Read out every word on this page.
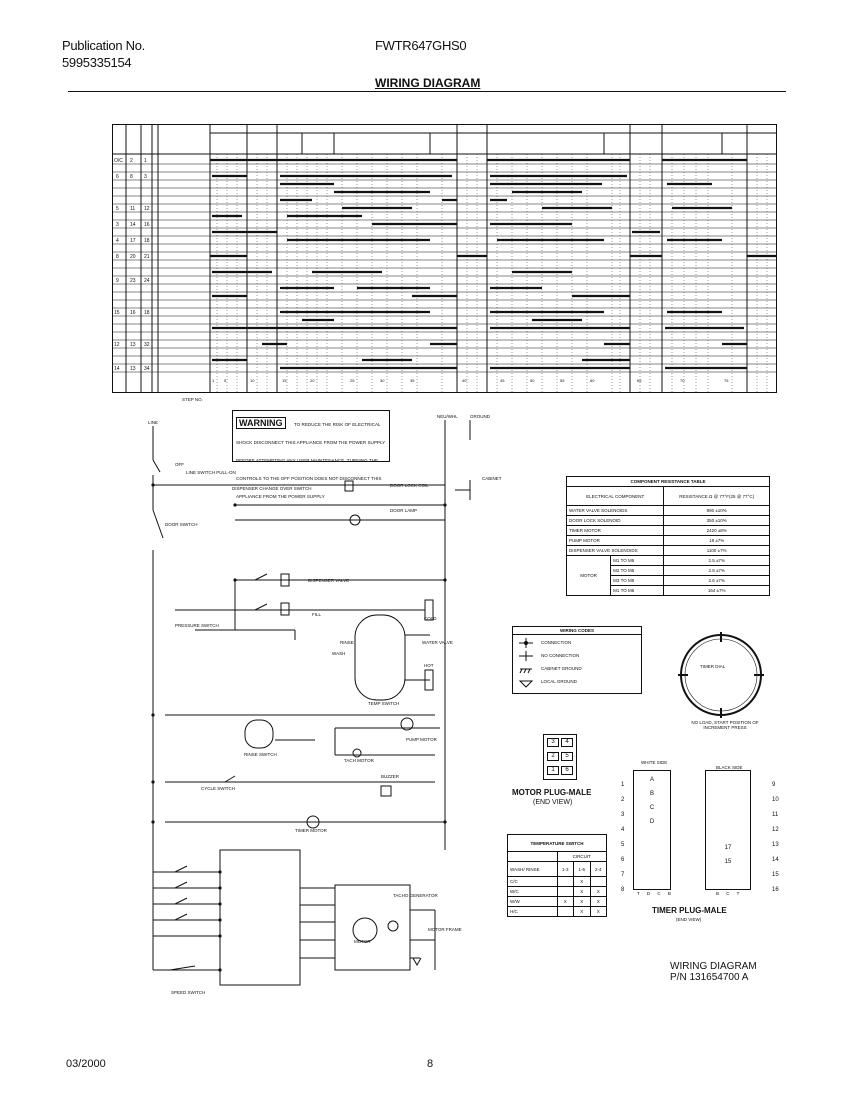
Publication No.
5995335154
FWTR647GHS0
WIRING DIAGRAM
O/C 2 1
6 8 3
5 11 12
3 14 16
4 17 18
8 20 21
9 23 24
15 16 18
12 13 32
14 13 34
1 5	10	15	20	25	30	35	40	45	50	55	60	65	70	75
STEP NO.
WARNING TO REDUCE THE RISK OF ELECTRICAL SHOCK DISCONNECT THIS APPLIANCE FROM THE POWER SUPPLY BEFORE ATTEMPTING ANY USER MAINTENANCE. TURNING THE CONTROLS TO THE OFF POSITION DOES NOT DISCONNECT THIS APPLIANCE FROM THE POWER SUPPLY
LINE SWITCH PULL-ON
DISPENSER CHANGE OVER SWITCH
DOOR LOCK COIL
DOOR LAMP
DOOR SWITCH
DISPENSER VALVE
PRESSURE SWITCH
COLD
HOT
WATER VALVE
TEMP SWITCH
PUMP MOTOR
TACH MOTOR
RINSE SWITCH
BUZZER
TIMER MOTOR
CYCLE SWITCH
SPEED SWITCH
MOTOR
TACHO GENERATOR
MOTOR FRAME
CABINET
GROUND
LINE
NEU/WHL
FILL
WASH
RINSE
OFF
COMPONENT RESISTANCE TABLE		
ELECTRICAL COMPONENT		RESISTANCE Ω @ 77°F(25 @ 77°C)
WATER VALVE SOLENOIDS		890 ±10%
DOOR LOCK SOLENOID		350 ±10%
TIMER MOTOR		2420 ±8%
PUMP MOTOR		18 ±7%
DISPENSER VALVE SOLENOIDS		1100 ±7%
MOTOR	M1 TO M5	2.5 ±7%
	M2 TO M5	2.8 ±7%
	M3 TO M5	2.6 ±7%
	M1 TO M6	164 ±7%
WIRING CODES
CONNECTION
NO CONNECTION
CABINET GROUND
LOCAL GROUND
TIMER DIAL
NO LOAD, START POSITION OF INCREMENT PRESS
3	4
2	5
1	6
MOTOR PLUG-MALE
(END VIEW)
TEMPERATURE SWITCH			
	CIRCUIT		
WASH/ RINSE	1-3	1-5	2-4
C/C		X	
W/C		X	X
W/W	X	X	X
H/C		X	X
WHITE SIDE
BLACK SIDE
A
B
C
D
17
15
1
2
3
4
5
6
7
8
9
10
11
12
13
14
15
16
T D C B	B C T
TIMER PLUG-MALE
(END VIEW)
WIRING DIAGRAM
P/N 131654700 A
03/2000	8
